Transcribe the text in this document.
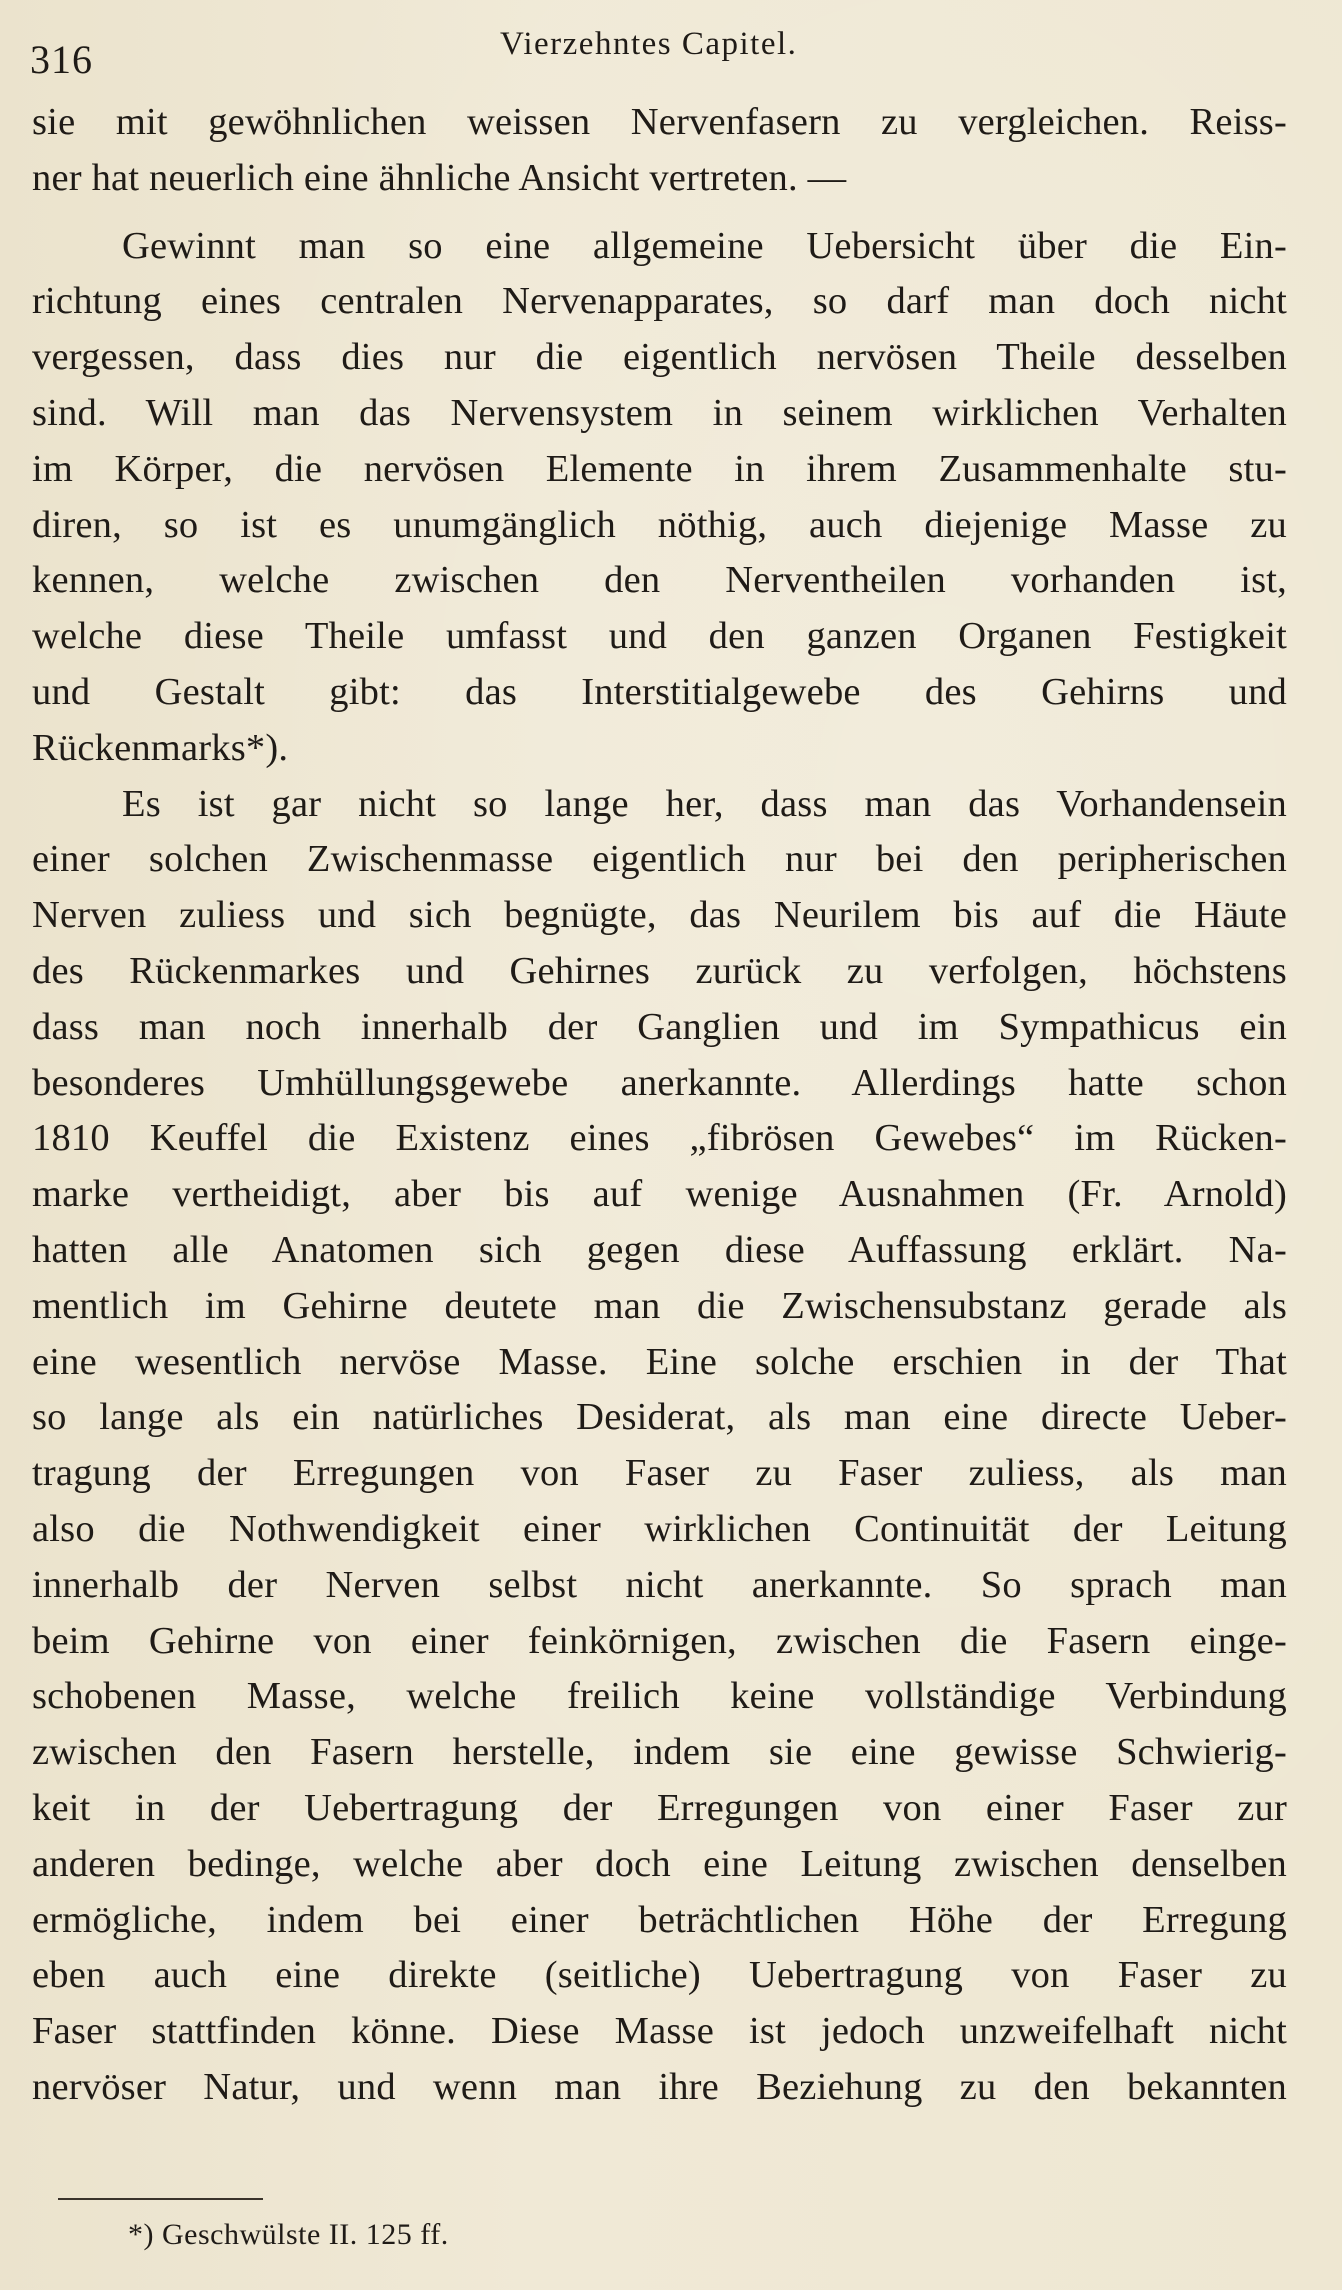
316	Vierzehntes Capitel.
sie mit gewöhnlichen weissen Nervenfasern zu vergleichen. Reiss-
ner hat neuerlich eine ähnliche Ansicht vertreten. —
Gewinnt man so eine allgemeine Uebersicht über die Ein-
richtung eines centralen Nervenapparates, so darf man doch nicht
vergessen, dass dies nur die eigentlich nervösen Theile desselben
sind. Will man das Nervensystem in seinem wirklichen Verhalten
im Körper, die nervösen Elemente in ihrem Zusammenhalte stu-
diren, so ist es unumgänglich nöthig, auch diejenige Masse zu
kennen, welche zwischen den Nerventheilen vorhanden ist,
welche diese Theile umfasst und den ganzen Organen Festigkeit
und Gestalt gibt: das Interstitialgewebe des Gehirns und
Rückenmarks*).
Es ist gar nicht so lange her, dass man das Vorhandensein
einer solchen Zwischenmasse eigentlich nur bei den peripherischen
Nerven zuliess und sich begnügte, das Neurilem bis auf die Häute
des Rückenmarkes und Gehirnes zurück zu verfolgen, höchstens
dass man noch innerhalb der Ganglien und im Sympathicus ein
besonderes Umhüllungsgewebe anerkannte. Allerdings hatte schon
1810 Keuffel die Existenz eines „fibrösen Gewebes“ im Rücken-
marke vertheidigt, aber bis auf wenige Ausnahmen (Fr. Arnold)
hatten alle Anatomen sich gegen diese Auffassung erklärt. Na-
mentlich im Gehirne deutete man die Zwischensubstanz gerade als
eine wesentlich nervöse Masse. Eine solche erschien in der That
so lange als ein natürliches Desiderat, als man eine directe Ueber-
tragung der Erregungen von Faser zu Faser zuliess, als man
also die Nothwendigkeit einer wirklichen Continuität der Leitung
innerhalb der Nerven selbst nicht anerkannte. So sprach man
beim Gehirne von einer feinkörnigen, zwischen die Fasern einge-
schobenen Masse, welche freilich keine vollständige Verbindung
zwischen den Fasern herstelle, indem sie eine gewisse Schwierig-
keit in der Uebertragung der Erregungen von einer Faser zur
anderen bedinge, welche aber doch eine Leitung zwischen denselben
ermögliche, indem bei einer beträchtlichen Höhe der Erregung
eben auch eine direkte (seitliche) Uebertragung von Faser zu
Faser stattfinden könne. Diese Masse ist jedoch unzweifelhaft nicht
nervöser Natur, und wenn man ihre Beziehung zu den bekannten
*) Geschwülste II. 125 ff.
